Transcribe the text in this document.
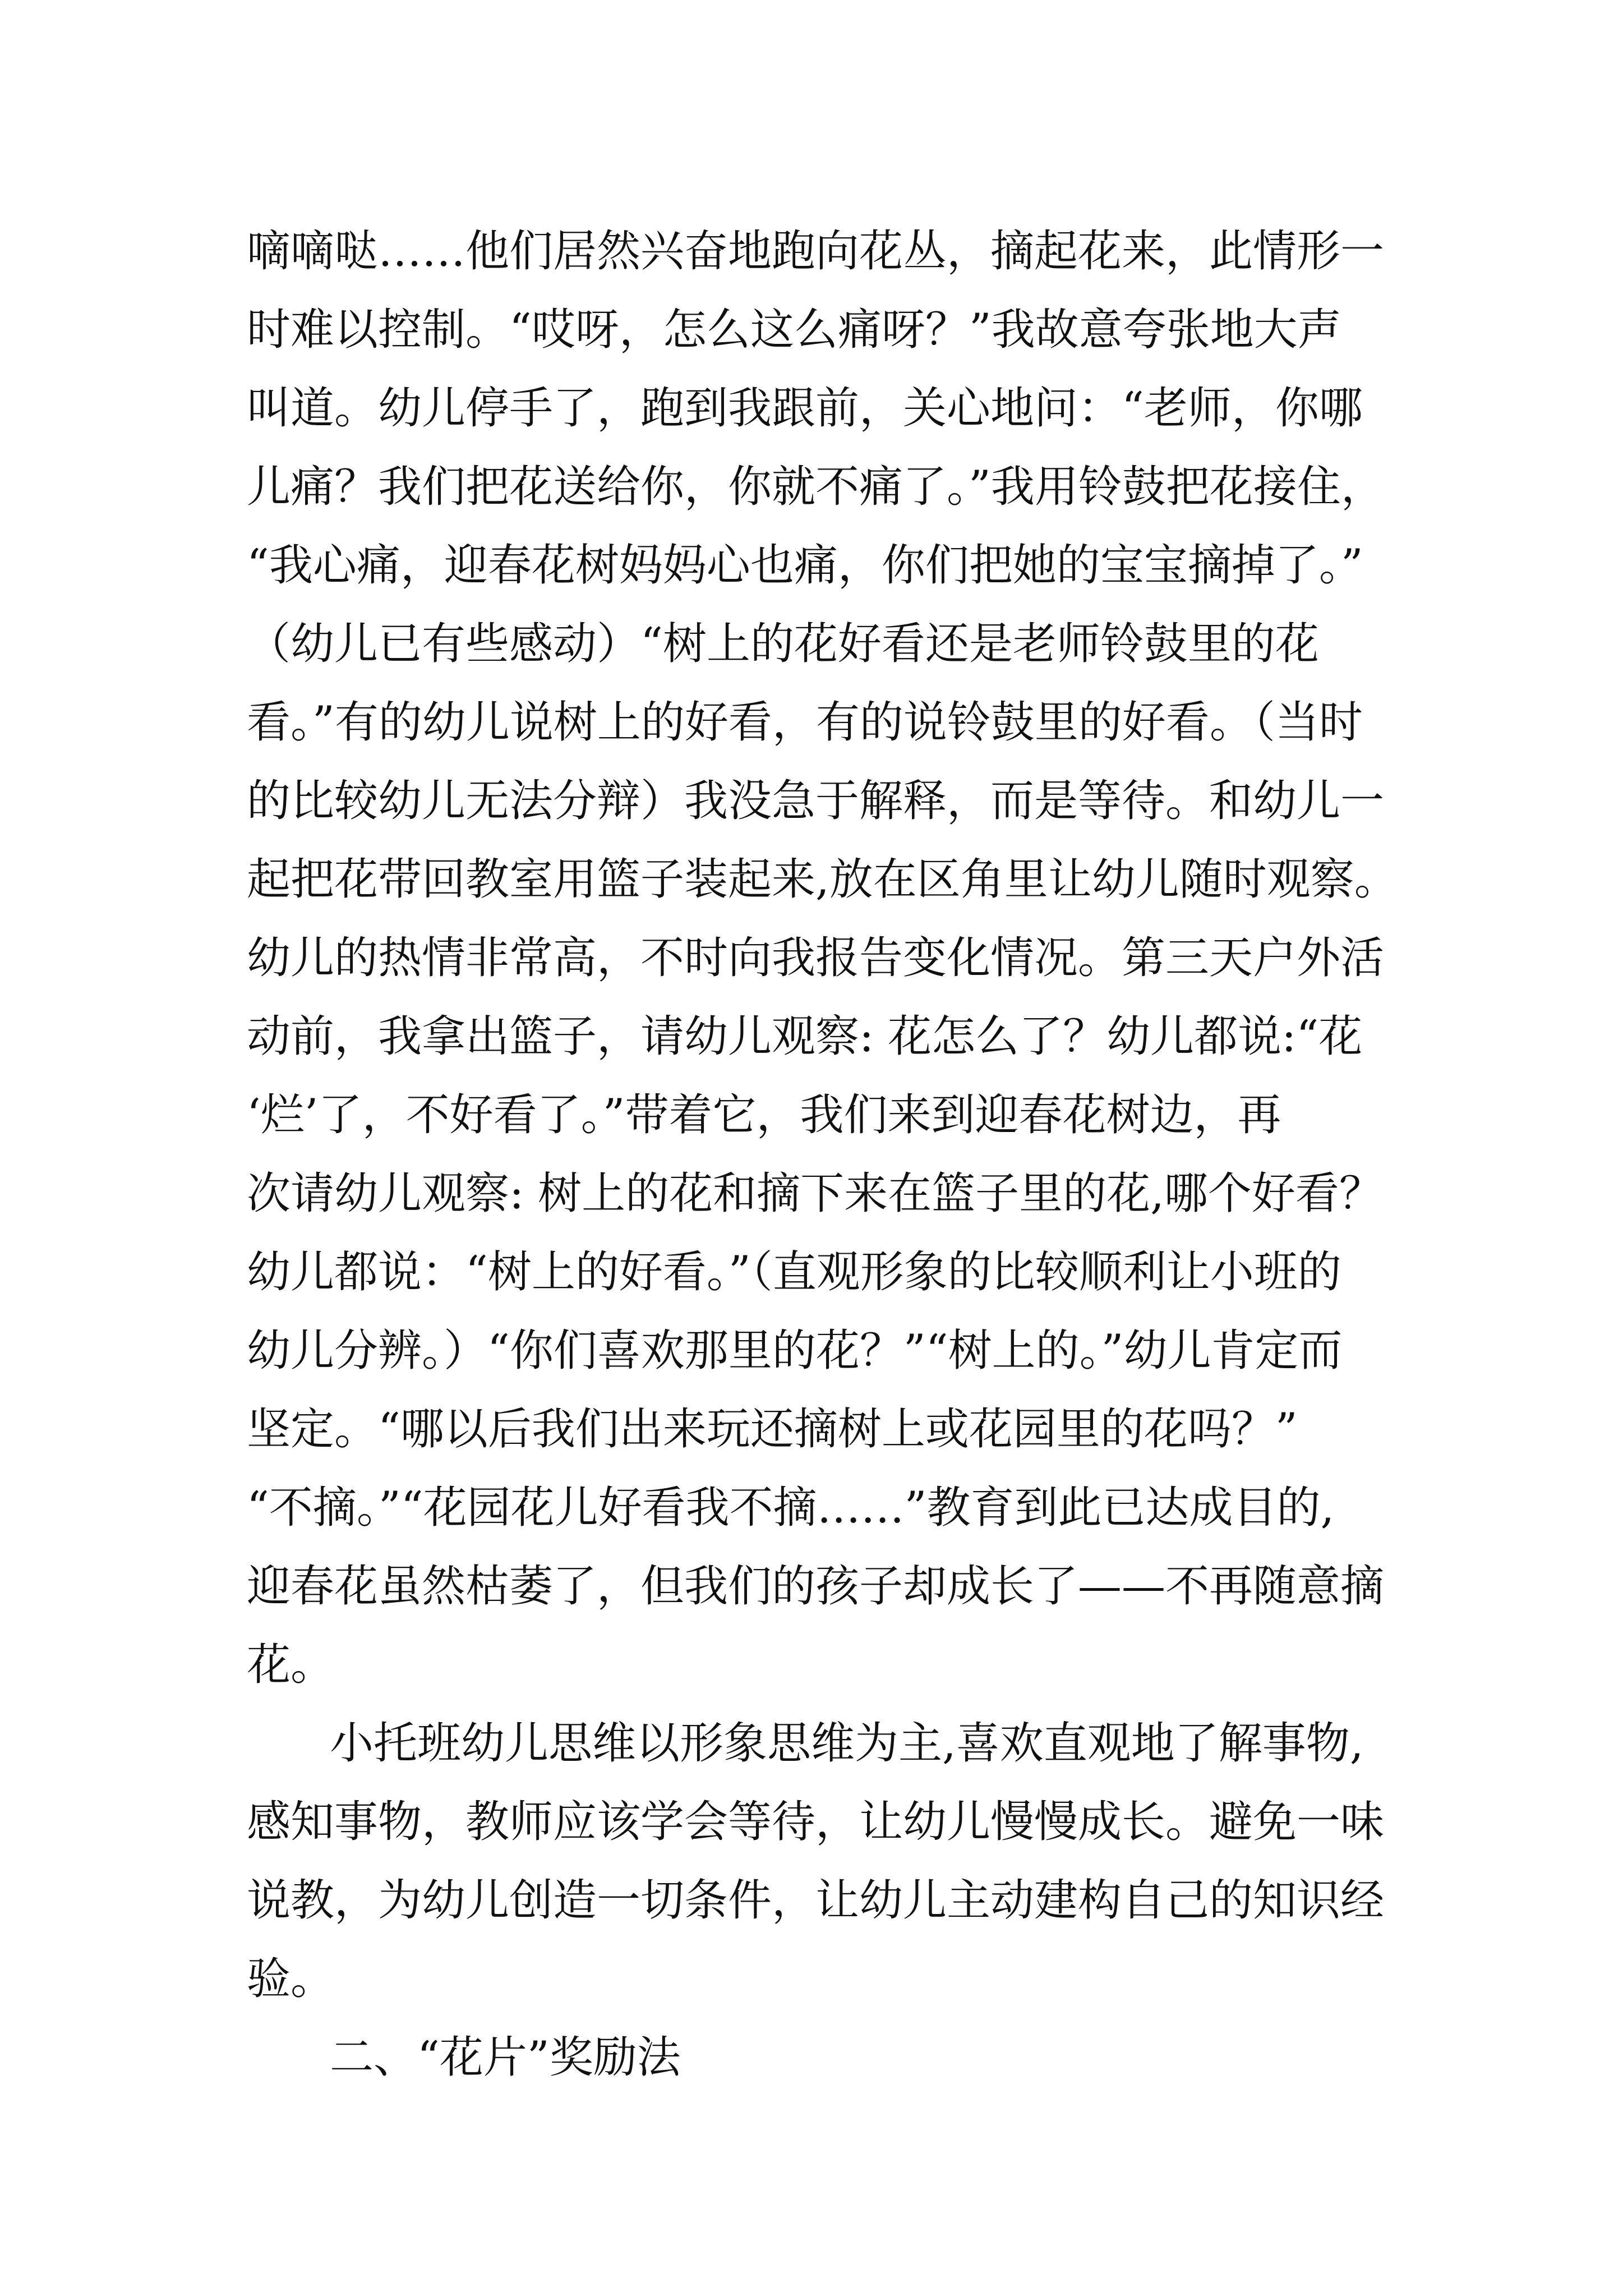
嘀嘀哒……他们居然兴奋地跑向花丛，摘起花来，此情形一
时难以控制。“哎呀，怎么这么痛呀？”我故意夸张地大声
叫道。幼儿停手了，跑到我跟前，关心地问：“老师，你哪
儿痛？我们把花送给你，你就不痛了。”我用铃鼓把花接住，
“我心痛，迎春花树妈妈心也痛，你们把她的宝宝摘掉了。”
（幼儿已有些感动）“树上的花好看还是老师铃鼓里的花
看。”有的幼儿说树上的好看，有的说铃鼓里的好看。（当时
的比较幼儿无法分辩）我没急于解释，而是等待。和幼儿一
起把花带回教室用篮子装起来,放在区角里让幼儿随时观察。
幼儿的热情非常高，不时向我报告变化情况。第三天户外活
动前，我拿出篮子，请幼儿观察: 花怎么了？幼儿都说:“花
‘烂’了，不好看了。”带着它，我们来到迎春花树边，再
次请幼儿观察: 树上的花和摘下来在篮子里的花,哪个好看？
幼儿都说：“树上的好看。”（直观形象的比较顺利让小班的
幼儿分辨。）“你们喜欢那里的花？”“树上的。”幼儿肯定而
坚定。“哪以后我们出来玩还摘树上或花园里的花吗？”
“不摘。”“花园花儿好看我不摘……”教育到此已达成目的,
迎春花虽然枯萎了，但我们的孩子却成长了——不再随意摘
花。
小托班幼儿思维以形象思维为主,喜欢直观地了解事物,
感知事物，教师应该学会等待，让幼儿慢慢成长。避免一味
说教，为幼儿创造一切条件，让幼儿主动建构自己的知识经
验。
二、“花片”奖励法
